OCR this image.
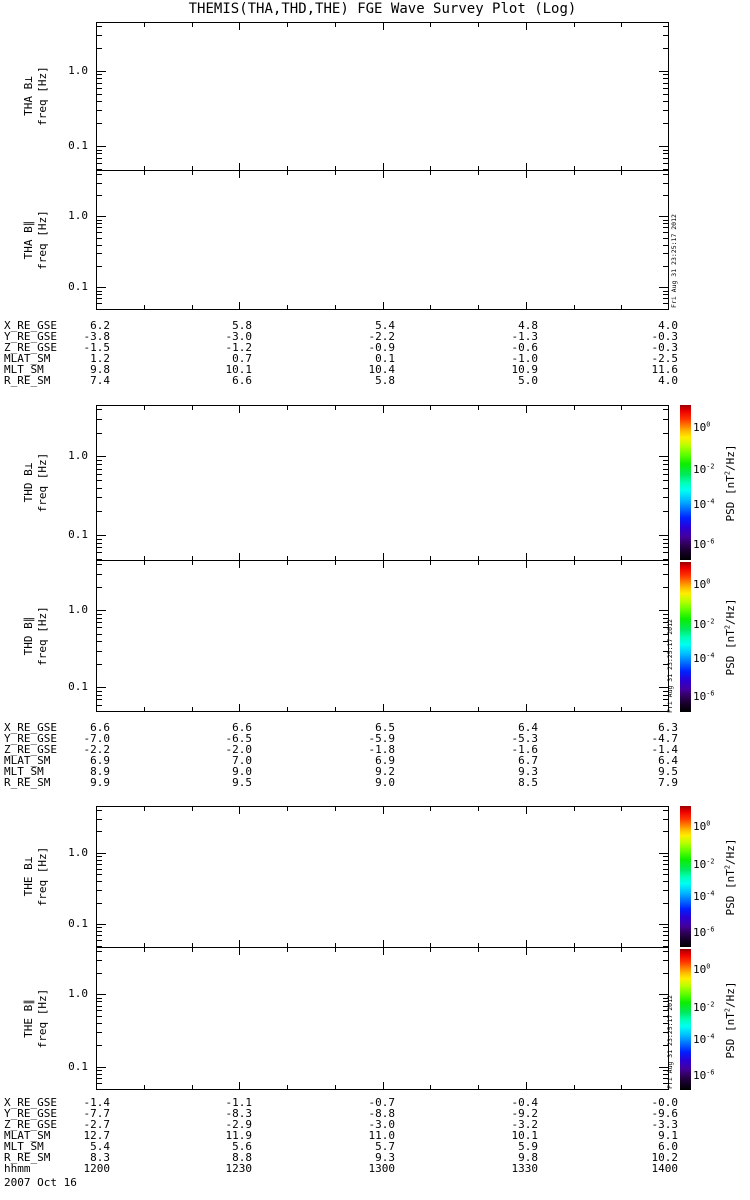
THEMIS(THA,THD,THE) FGE Wave Survey Plot (Log)
2007 Oct 16
1.0
0.1
THA B⊥
freq [Hz]
1.0
0.1
THA B∥
freq [Hz]	Fri Aug 31 23:25:17 2012
X_RE_GSE	6.2	5.8	5.4	4.8	4.0
Y_RE_GSE	-3.8	-3.0	-2.2	-1.3	-0.3
Z_RE_GSE	-1.5	-1.2	-0.9	-0.6	-0.3
MLAT_SM	1.2	0.7	0.1	-1.0	-2.5
MLT_SM	9.8	10.1	10.4	10.9	11.6
R_RE_SM	7.4	6.6	5.8	5.0	4.0
1.0
0.1
THD B⊥
freq [Hz]
1.0
0.1
THD B∥
freq [Hz]
$10^0$
$10^{-2}$
$10^{-4}$
$10^{-6}$
PSD $[nT^2/Hz]$
$10^0$
$10^{-2}$
$10^{-4}$
$10^{-6}$
PSD $[nT^2/Hz]$
Fri Aug 31 23:25:17 2012
X_RE_GSE	6.6	6.6	6.5	6.4	6.3
Y_RE_GSE	-7.0	-6.5	-5.9	-5.3	-4.7
Z_RE_GSE	-2.2	-2.0	-1.8	-1.6	-1.4
MLAT_SM	6.9	7.0	6.9	6.7	6.4
MLT_SM	8.9	9.0	9.2	9.3	9.5
R_RE_SM	9.9	9.5	9.0	8.5	7.9
1.0
0.1
THE B⊥
freq [Hz]
1.0
0.1
THE B∥
freq [Hz]
$10^0$
$10^{-2}$
$10^{-4}$
$10^{-6}$
PSD $[nT^2/Hz]$
$10^0$
$10^{-2}$
$10^{-4}$
$10^{-6}$
PSD $[nT^2/Hz]$
Fri Aug 31 23:25:17 2012
X_RE_GSE	-1.4	-1.1	-0.7	-0.4	-0.0
Y_RE_GSE	-7.7	-8.3	-8.8	-9.2	-9.6
Z_RE_GSE	-2.7	-2.9	-3.0	-3.2	-3.3
MLAT_SM	12.7	11.9	11.0	10.1	9.1
MLT_SM	5.4	5.6	5.7	5.9	6.0
R_RE_SM	8.3	8.8	9.3	9.8	10.2
hhmm	1200	1230	1300	1330	1400
